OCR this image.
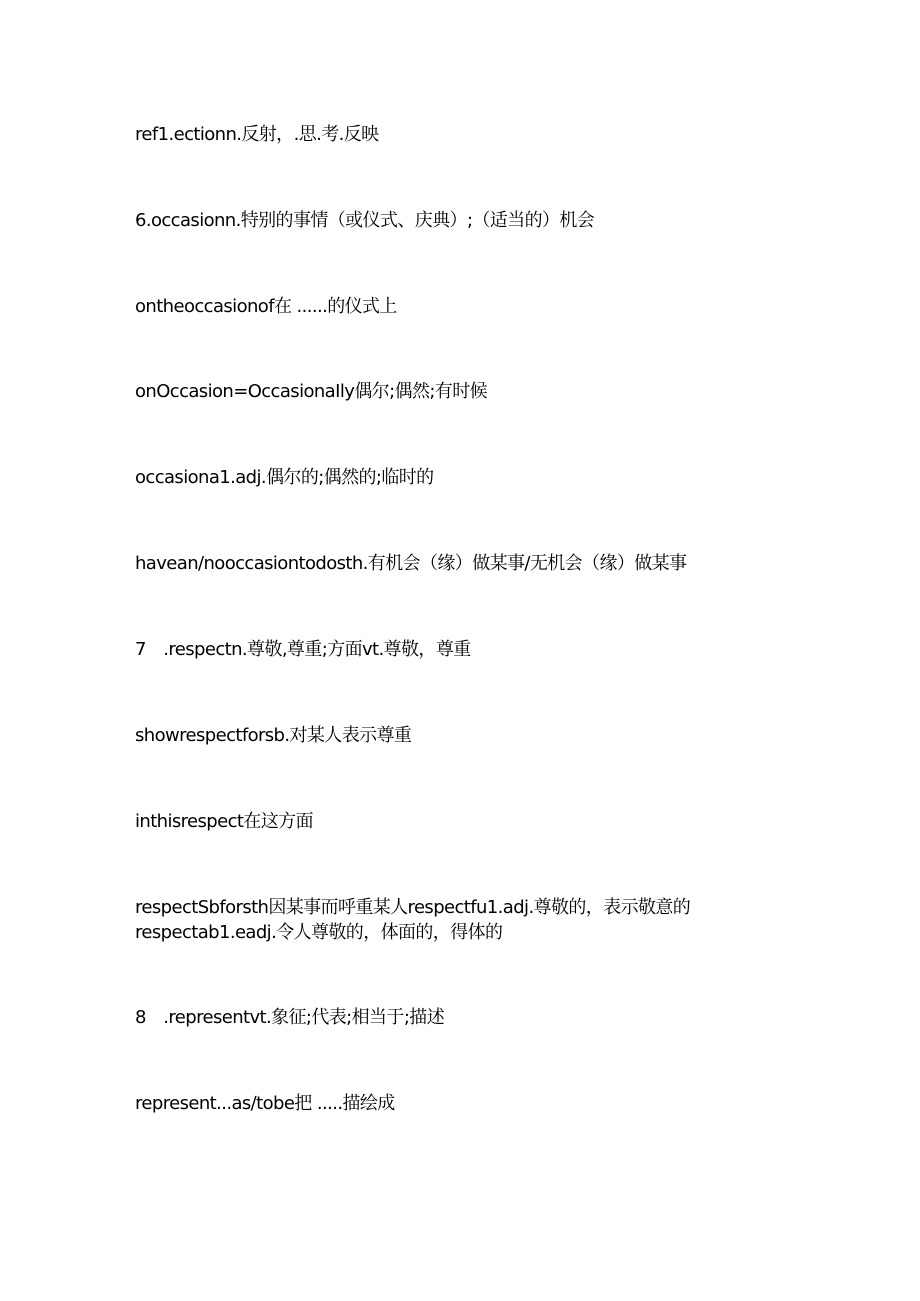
ref1.ectionn.反射，.思.考.反映
6.occasionn.特别的事情（或仪式、庆典）;（适当的）机会
ontheoccasionof在 ......的仪式上
onOccasion=OccasionaIly偶尔;偶然;有时候
occasiona1.adj.偶尔的;偶然的;临时的
havean/nooccasiontodosth.有机会（缘）做某事/无机会（缘）做某事
7　.respectn.尊敬,尊重;方面vt.尊敬，尊重
showrespectforsb.对某人表示尊重
inthisrespect在这方面
respectSbforsth因某事而呼重某人respectfu1.adj.尊敬的，表示敬意的
respectab1.eadj.令人尊敬的，体面的，得体的
8　.representvt.象征;代表;相当于;描述
represent...as∕tobe把 .....描绘成
